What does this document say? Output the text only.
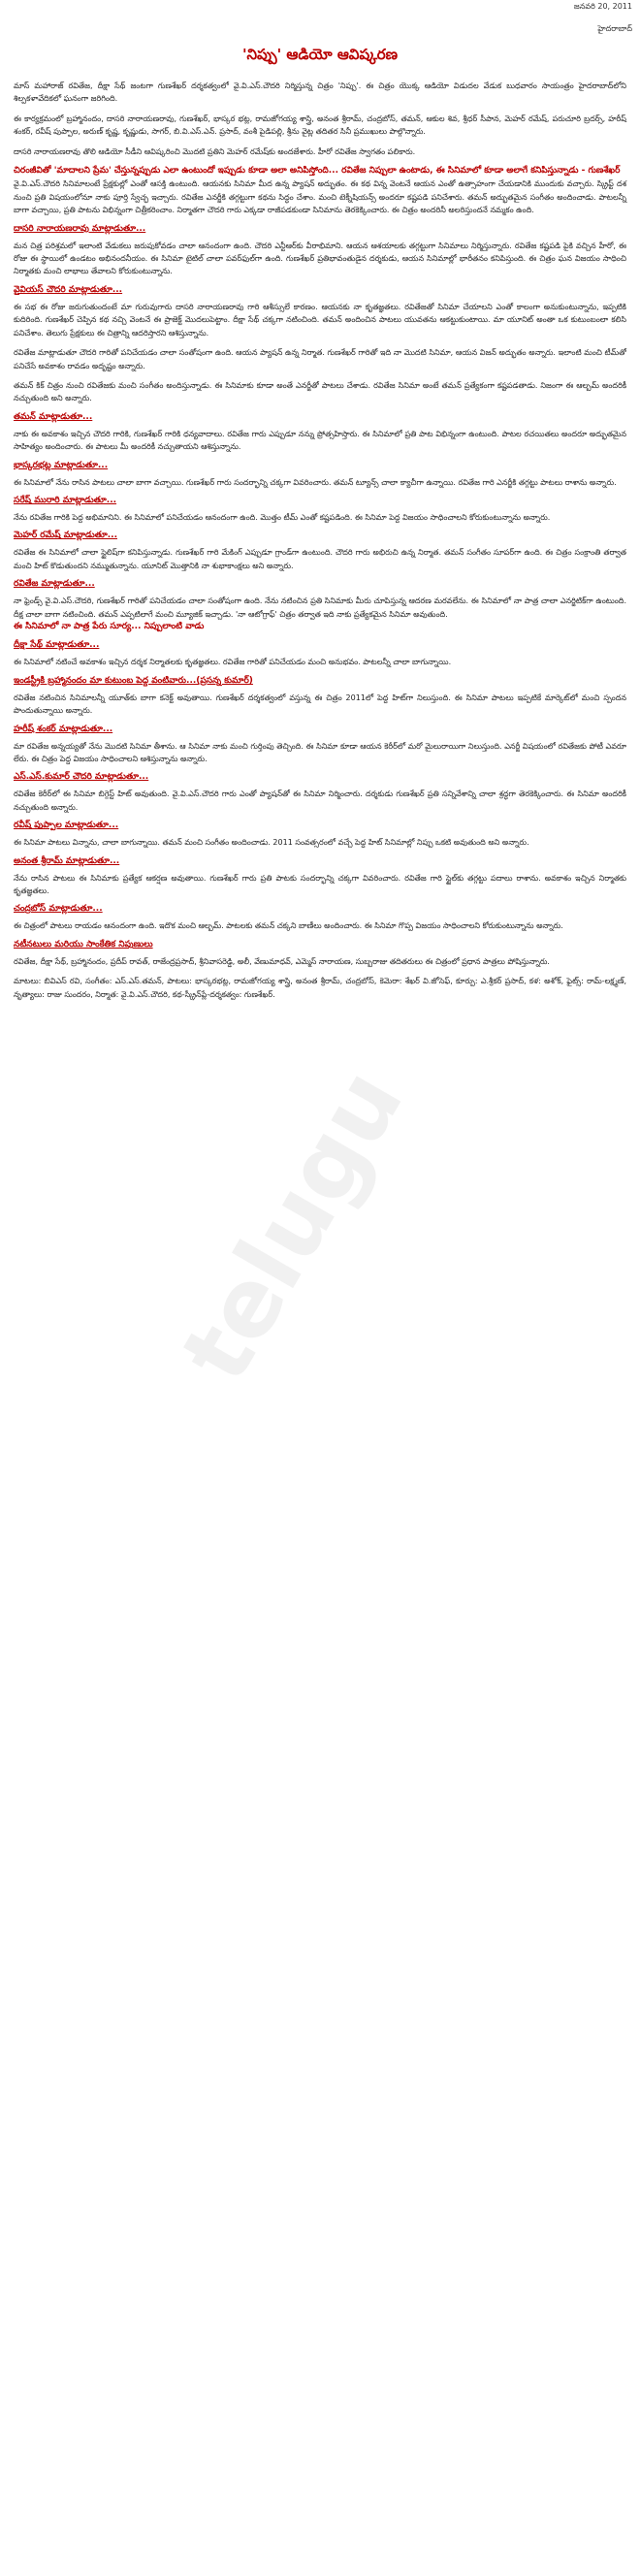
జనవరి 20, 2011
హైదరాబాద్
'నిప్పు' ఆడియో ఆవిష్కరణ
telugu
మాస్ మహారాజ్ రవితేజ, దీక్షా సేథ్ జంటగా గుణశేఖర్ దర్శకత్వంలో వై.వి.ఎస్.చౌదరి నిర్మిస్తున్న చిత్రం 'నిప్పు'. ఈ చిత్రం యొక్క ఆడియో విడుదల వేడుక బుధవారం సాయంత్రం హైదరాబాద్‌లోని శిల్పకళావేదికలో ఘనంగా జరిగింది.
ఈ కార్యక్రమంలో బ్రహ్మానందం, దాసరి నారాయణరావు, గుణశేఖర్, భాస్కర భట్ల, రామజోగయ్య శాస్త్రి, అనంత శ్రీరామ్, చంద్రబోస్, తమన్, ఆకుల శివ, శ్రీధర్ సీపాన, మెహర్ రమేష్, పరుచూరి బ్రదర్స్, హరీష్ శంకర్, రవీష్ పుప్పాల, అరుణ్ కృష్ణ, కృష్ణుడు, సాగర్, బి.వి.ఎస్.ఎన్. ప్రసాద్, వంశీ పైడిపల్లి, శ్రీను వైట్ల తదితర సినీ ప్రముఖులు పాల్గొన్నారు.
దాసరి నారాయణరావు తొలి ఆడియో సీడీని ఆవిష్కరించి మొదటి ప్రతిని మెహర్ రమేష్‌కు అందజేశారు. హీరో రవితేజ స్వాగతం పలికారు.
చిరంజీవితో 'మాదాలని ప్రేమ' చేస్తున్నప్పుడు ఎలా ఉంటుందో ఇప్పుడు కూడా అలా అనిపిస్తోంది... రవితేజ నిప్పులా ఉంటాడు, ఈ సినిమాలో కూడా అలాగే కనిపిస్తున్నాడు - గుణశేఖర్
వై.వి.ఎస్.చౌదరి సినిమాలంటే ప్రేక్షకుల్లో ఎంతో ఆసక్తి ఉంటుంది. ఆయనకు సినిమా మీద ఉన్న ప్యాషన్ అద్భుతం. ఈ కథ విన్న వెంటనే ఆయన ఎంతో ఉత్సాహంగా చేయడానికి ముందుకు వచ్చారు. స్క్రిప్ట్ దశ నుంచి ప్రతి విషయంలోనూ నాకు పూర్తి స్వేచ్ఛ ఇచ్చారు. రవితేజ ఎనర్జీకి తగ్గట్టుగా కథను సిద్ధం చేశాం. మంచి టెక్నీషియన్స్ అందరూ కష్టపడి పనిచేశారు. తమన్ అద్భుతమైన సంగీతం అందించాడు. పాటలన్నీ బాగా వచ్చాయి, ప్రతి పాటను విభిన్నంగా చిత్రీకరించాం. నిర్మాతగా చౌదరి గారు ఎక్కడా రాజీపడకుండా సినిమాను తెరకెక్కించారు. ఈ చిత్రం అందరినీ అలరిస్తుందనే నమ్మకం ఉంది.
దాసరి నారాయణరావు మాట్లాడుతూ...
మన చిత్ర పరిశ్రమలో ఇలాంటి వేడుకలు జరుపుకోవడం చాలా ఆనందంగా ఉంది. చౌదరి ఎన్టీఆర్‌కు వీరాభిమాని. ఆయన ఆశయాలకు తగ్గట్టుగా సినిమాలు నిర్మిస్తున్నారు. రవితేజ కష్టపడి పైకి వచ్చిన హీరో, ఈ రోజు ఈ స్థాయిలో ఉండటం అభినందనీయం. ఈ సినిమా టైటిల్ చాలా పవర్‌ఫుల్‌గా ఉంది. గుణశేఖర్ ప్రతిభావంతుడైన దర్శకుడు, ఆయన సినిమాల్లో భారీతనం కనిపిస్తుంది. ఈ చిత్రం ఘన విజయం సాధించి నిర్మాతకు మంచి లాభాలు తేవాలని కోరుకుంటున్నాను.
వైవియస్ చౌదరి మాట్లాడుతూ...
ఈ సభ ఈ రోజు జరుగుతుందంటే మా గురువుగారు దాసరి నారాయణరావు గారి ఆశీస్సులే కారణం. ఆయనకు నా కృతజ్ఞతలు. రవితేజతో సినిమా చేయాలని ఎంతో కాలంగా అనుకుంటున్నాను, ఇప్పటికి కుదిరింది. గుణశేఖర్ చెప్పిన కథ నచ్చి వెంటనే ఈ ప్రాజెక్ట్ మొదలుపెట్టాం. దీక్షా సేథ్ చక్కగా నటించింది. తమన్ అందించిన పాటలు యువతను ఆకట్టుకుంటాయి. మా యూనిట్ అంతా ఒక కుటుంబంలా కలిసి పనిచేశాం. తెలుగు ప్రేక్షకులు ఈ చిత్రాన్ని ఆదరిస్తారని ఆశిస్తున్నాను.
రవితేజ మాట్లాడుతూ చౌదరి గారితో పనిచేయడం చాలా సంతోషంగా ఉంది. ఆయన ప్యాషన్ ఉన్న నిర్మాత. గుణశేఖర్ గారితో ఇది నా మొదటి సినిమా, ఆయన విజన్ అద్భుతం అన్నారు. ఇలాంటి మంచి టీమ్‌తో పనిచేసే అవకాశం రావడం అదృష్టం అన్నారు.
తమన్ కిక్ చిత్రం నుంచి రవితేజకు మంచి సంగీతం అందిస్తున్నాడు. ఈ సినిమాకు కూడా అంతే ఎనర్జీతో పాటలు చేశాడు. రవితేజ సినిమా అంటే తమన్ ప్రత్యేకంగా కష్టపడతాడు. నిజంగా ఈ ఆల్బమ్ అందరికీ నచ్చుతుంది అని అన్నారు.
తమన్ మాట్లాడుతూ...
నాకు ఈ అవకాశం ఇచ్చిన చౌదరి గారికి, గుణశేఖర్ గారికి ధన్యవాదాలు. రవితేజ గారు ఎప్పుడూ నన్ను ప్రోత్సహిస్తారు. ఈ సినిమాలో ప్రతి పాట విభిన్నంగా ఉంటుంది. పాటల రచయితలు అందరూ అద్భుతమైన సాహిత్యం అందించారు. ఈ పాటలు మీ అందరికీ నచ్చుతాయని ఆశిస్తున్నాను.
భాస్కరభట్ల మాట్లాడుతూ...
ఈ సినిమాలో నేను రాసిన పాటలు చాలా బాగా వచ్చాయి. గుణశేఖర్ గారు సందర్భాన్ని చక్కగా వివరించారు. తమన్ ట్యూన్స్ చాలా క్యాచీగా ఉన్నాయి. రవితేజ గారి ఎనర్జీకి తగ్గట్టు పాటలు రాశాను అన్నారు.
సరేష్ మురారి మాట్లాడుతూ...
నేను రవితేజ గారికి పెద్ద అభిమానిని. ఈ సినిమాలో పనిచేయడం ఆనందంగా ఉంది. మొత్తం టీమ్ ఎంతో కష్టపడింది. ఈ సినిమా పెద్ద విజయం సాధించాలని కోరుకుంటున్నాను అన్నారు.
మెహర్ రమేష్ మాట్లాడుతూ...
రవితేజ ఈ సినిమాలో చాలా స్టైలిష్‌గా కనిపిస్తున్నాడు. గుణశేఖర్ గారి మేకింగ్ ఎప్పుడూ గ్రాండ్‌గా ఉంటుంది. చౌదరి గారు అభిరుచి ఉన్న నిర్మాత. తమన్ సంగీతం సూపర్‌గా ఉంది. ఈ చిత్రం సంక్రాంతి తర్వాత మంచి హిట్ కొడుతుందని నమ్ముతున్నాను. యూనిట్ మొత్తానికి నా శుభాకాంక్షలు అని అన్నారు.
రవితేజ మాట్లాడుతూ...
నా ఫ్రెండ్స్ వై.వి.ఎస్.చౌదరి, గుణశేఖర్ గారితో పనిచేయడం చాలా సంతోషంగా ఉంది. నేను నటించిన ప్రతి సినిమాకు మీరు చూపిస్తున్న ఆదరణ మరవలేను. ఈ సినిమాలో నా పాత్ర చాలా ఎనర్జిటిక్‌గా ఉంటుంది. దీక్ష చాలా బాగా నటించింది. తమన్ ఎప్పటిలాగే మంచి మ్యూజిక్ ఇచ్చాడు. 'నా ఆటోగ్రాఫ్' చిత్రం తర్వాత ఇది నాకు ప్రత్యేకమైన సినిమా అవుతుంది.
ఈ సినిమాలో నా పాత్ర పేరు సూర్య... నిప్పులాంటి వాడు
దీక్షా సేథ్ మాట్లాడుతూ...
ఈ సినిమాలో నటించే అవకాశం ఇచ్చిన దర్శక నిర్మాతలకు కృతజ్ఞతలు. రవితేజ గారితో పనిచేయడం మంచి అనుభవం. పాటలన్నీ చాలా బాగున్నాయి.
ఇండస్ట్రీకి బ్రహ్మానందం మా కుటుంబ పెద్ద వంటివారు...(ప్రసన్న కుమార్)
రవితేజ నటించిన సినిమాలన్నీ యూత్‌కు బాగా కనెక్ట్ అవుతాయి. గుణశేఖర్ దర్శకత్వంలో వస్తున్న ఈ చిత్రం 2011లో పెద్ద హిట్‌గా నిలుస్తుంది. ఈ సినిమా పాటలు ఇప్పటికే మార్కెట్‌లో మంచి స్పందన పొందుతున్నాయి అన్నారు.
హరీష్ శంకర్ మాట్లాడుతూ...
మా రవితేజ అన్నయ్యతో నేను మొదటి సినిమా తీశాను. ఆ సినిమా నాకు మంచి గుర్తింపు తెచ్చింది. ఈ సినిమా కూడా ఆయన కెరీర్‌లో మరో మైలురాయిగా నిలుస్తుంది. ఎనర్జీ విషయంలో రవితేజకు పోటీ ఎవరూ లేరు. ఈ చిత్రం పెద్ద విజయం సాధించాలని ఆశిస్తున్నాను అన్నారు.
ఎస్.ఎస్.కుమార్ చౌదరి మాట్లాడుతూ...
రవితేజ కెరీర్‌లో ఈ సినిమా బిగ్గెస్ట్ హిట్ అవుతుంది. వై.వి.ఎస్.చౌదరి గారు ఎంతో ప్యాషన్‌తో ఈ సినిమా నిర్మించారు. దర్శకుడు గుణశేఖర్ ప్రతి సన్నివేశాన్ని చాలా శ్రద్ధగా తెరకెక్కించారు. ఈ సినిమా అందరికీ నచ్చుతుంది అన్నారు.
రవీష్ పుప్పాల మాట్లాడుతూ...
ఈ సినిమా పాటలు విన్నాను, చాలా బాగున్నాయి. తమన్ మంచి సంగీతం అందించాడు. 2011 సంవత్సరంలో వచ్చే పెద్ద హిట్ సినిమాల్లో నిప్పు ఒకటి అవుతుంది అని అన్నారు.
అనంత శ్రీరామ్ మాట్లాడుతూ...
నేను రాసిన పాటలు ఈ సినిమాకు ప్రత్యేక ఆకర్షణ అవుతాయి. గుణశేఖర్ గారు ప్రతి పాటకు సందర్భాన్ని చక్కగా వివరించారు. రవితేజ గారి స్టైల్‌కు తగ్గట్టు పదాలు రాశాను. అవకాశం ఇచ్చిన నిర్మాతకు కృతజ్ఞతలు.
చంద్రబోస్ మాట్లాడుతూ...
ఈ చిత్రంలో పాటలు రాయడం ఆనందంగా ఉంది. ఇదొక మంచి ఆల్బమ్. పాటలకు తమన్ చక్కని బాణీలు అందించారు. ఈ సినిమా గొప్ప విజయం సాధించాలని కోరుకుంటున్నాను అన్నారు.
నటీనటులు మరియు సాంకేతిక నిపుణులు
రవితేజ, దీక్షా సేథ్, బ్రహ్మానందం, ప్రదీప్ రావత్, రాజేంద్రప్రసాద్, శ్రీనివాసరెడ్డి, అలీ, వేణుమాధవ్, ఎమ్మెస్ నారాయణ, సుబ్బరాజు తదితరులు ఈ చిత్రంలో ప్రధాన పాత్రలు పోషిస్తున్నారు.
మాటలు: బివిఎస్ రవి, సంగీతం: ఎస్.ఎస్.తమన్, పాటలు: భాస్కరభట్ల, రామజోగయ్య శాస్త్రి, అనంత శ్రీరామ్, చంద్రబోస్, కెమెరా: శేఖర్ వి.జోసెఫ్, కూర్పు: ఎ.శ్రీకర్ ప్రసాద్, కళ: అశోక్, ఫైట్స్: రామ్-లక్ష్మణ్, నృత్యాలు: రాజు సుందరం, నిర్మాత: వై.వి.ఎస్.చౌదరి, కథ-స్క్రీన్‌ప్లే-దర్శకత్వం: గుణశేఖర్.
